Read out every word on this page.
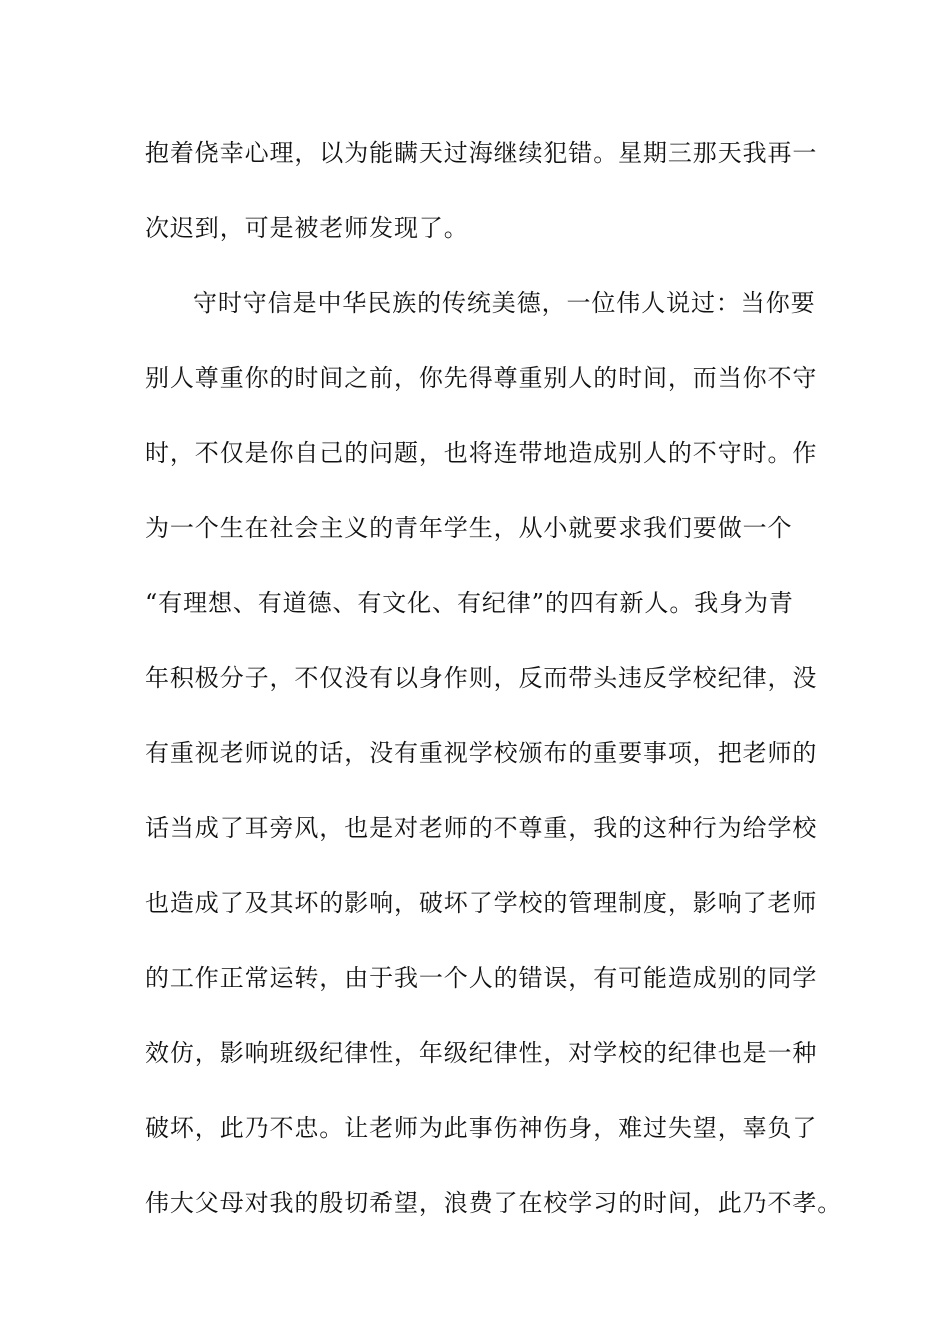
抱着侥幸心理，以为能瞒天过海继续犯错。星期三那天我再一
次迟到，可是被老师发现了。
守时守信是中华民族的传统美德，一位伟人说过：当你要
别人尊重你的时间之前，你先得尊重别人的时间，而当你不守
时，不仅是你自己的问题，也将连带地造成别人的不守时。作
为一个生在社会主义的青年学生，从小就要求我们要做一个
“有理想、有道德、有文化、有纪律”的四有新人。我身为青
年积极分子，不仅没有以身作则，反而带头违反学校纪律，没
有重视老师说的话，没有重视学校颁布的重要事项，把老师的
话当成了耳旁风，也是对老师的不尊重，我的这种行为给学校
也造成了及其坏的影响，破坏了学校的管理制度，影响了老师
的工作正常运转，由于我一个人的错误，有可能造成别的同学
效仿，影响班级纪律性，年级纪律性，对学校的纪律也是一种
破坏，此乃不忠。让老师为此事伤神伤身，难过失望，辜负了
伟大父母对我的殷切希望，浪费了在校学习的时间，此乃不孝。
